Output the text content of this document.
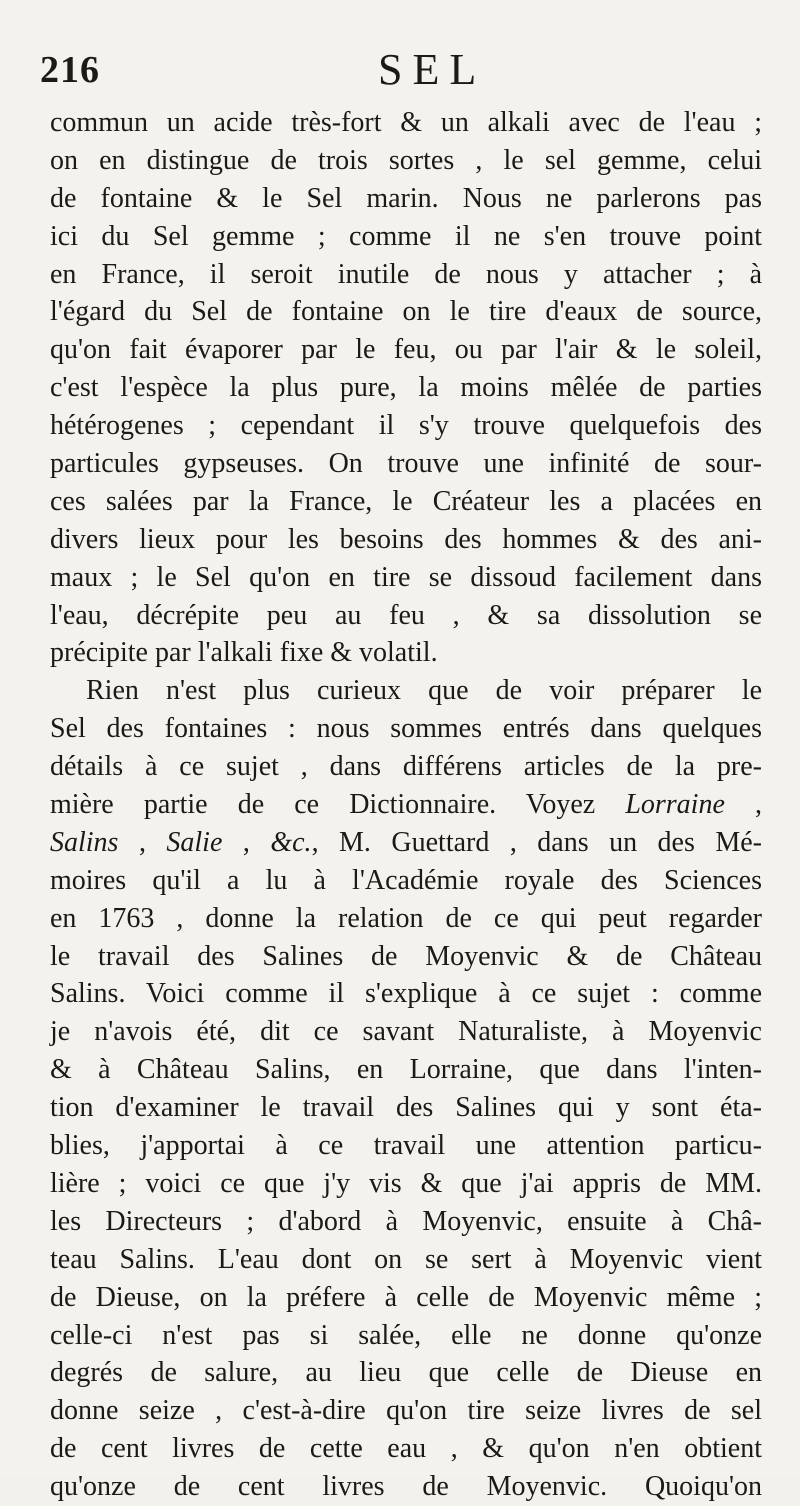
216	SEL
commun un acide très-fort & un alkali avec de l'eau ;
on en distingue de trois sortes , le sel gemme, celui
de fontaine & le Sel marin. Nous ne parlerons pas
ici du Sel gemme ; comme il ne s'en trouve point
en France, il seroit inutile de nous y attacher ; à
l'égard du Sel de fontaine on le tire d'eaux de source,
qu'on fait évaporer par le feu, ou par l'air & le soleil,
c'est l'espèce la plus pure, la moins mêlée de parties
hétérogenes ; cependant il s'y trouve quelquefois des
particules gypseuses. On trouve une infinité de sour-
ces salées par la France, le Créateur les a placées en
divers lieux pour les besoins des hommes & des ani-
maux ; le Sel qu'on en tire se dissoud facilement dans
l'eau, décrépite peu au feu , & sa dissolution se
précipite par l'alkali fixe & volatil.
Rien n'est plus curieux que de voir préparer le
Sel des fontaines : nous sommes entrés dans quelques
détails à ce sujet , dans différens articles de la pre-
mière partie de ce Dictionnaire. Voyez Lorraine ,
Salins , Salie , &c., M. Guettard , dans un des Mé-
moires qu'il a lu à l'Académie royale des Sciences
en 1763 , donne la relation de ce qui peut regarder
le travail des Salines de Moyenvic & de Château
Salins. Voici comme il s'explique à ce sujet : comme
je n'avois été, dit ce savant Naturaliste, à Moyenvic
& à Château Salins, en Lorraine, que dans l'inten-
tion d'examiner le travail des Salines qui y sont éta-
blies, j'apportai à ce travail une attention particu-
lière ; voici ce que j'y vis & que j'ai appris de MM.
les Directeurs ; d'abord à Moyenvic, ensuite à Châ-
teau Salins. L'eau dont on se sert à Moyenvic vient
de Dieuse, on la préfere à celle de Moyenvic même ;
celle-ci n'est pas si salée, elle ne donne qu'onze
degrés de salure, au lieu que celle de Dieuse en
donne seize , c'est-à-dire qu'on tire seize livres de sel
de cent livres de cette eau , & qu'on n'en obtient
qu'onze de cent livres de Moyenvic. Quoiqu'on
